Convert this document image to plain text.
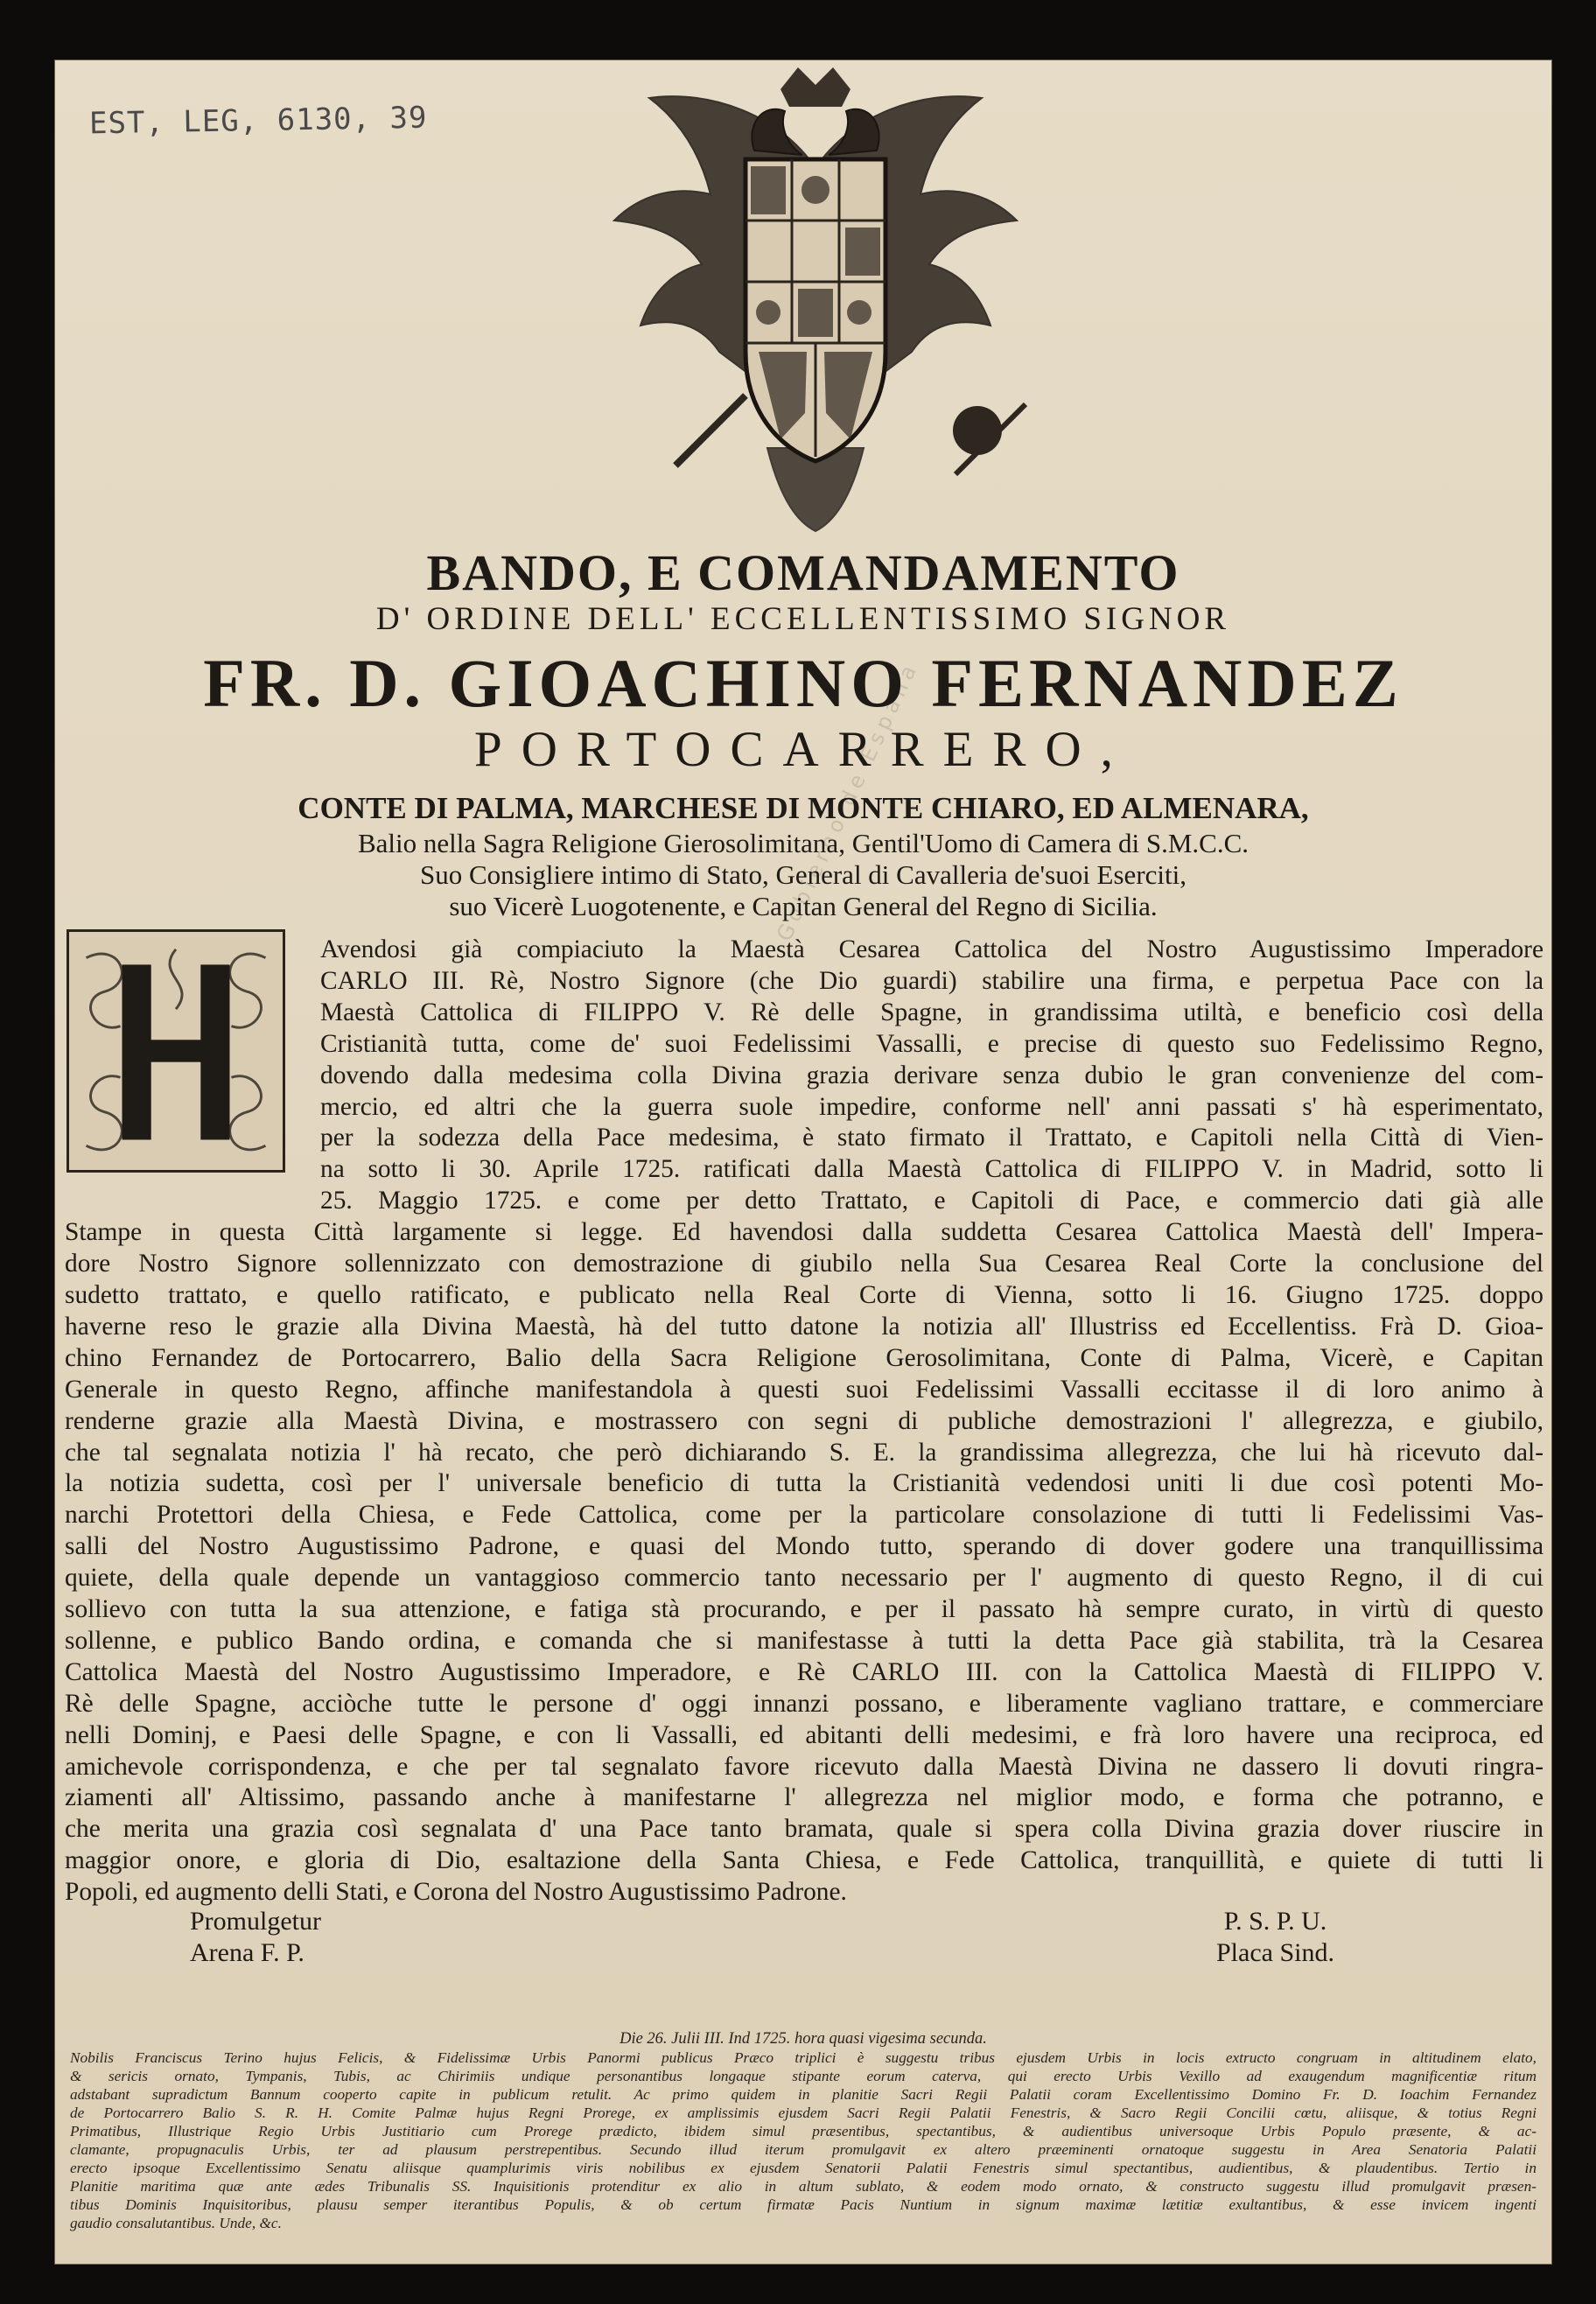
EST, LEG, 6130, 39
Gobierno de España
BANDO, E COMANDAMENTO
D' ORDINE DELL' ECCELLENTISSIMO SIGNOR
FR. D. GIOACHINO FERNANDEZ
PORTOCARRERO,
CONTE DI PALMA, MARCHESE DI MONTE CHIARO, ED ALMENARA,
Balio nella Sagra Religione Gierosolimitana, Gentil'Uomo di Camera di S.M.C.C.
Suo Consigliere intimo di Stato, General di Cavalleria de'suoi Eserciti,
suo Vicerè Luogotenente, e Capitan General del Regno di Sicilia.
H
Avendosi già compiaciuto la Maestà Cesarea Cattolica del Nostro Augustissimo Imperadore
CARLO III. Rè, Nostro Signore (che Dio guardi) stabilire una firma, e perpetua Pace con la
Maestà Cattolica di FILIPPO V. Rè delle Spagne, in grandissima utiltà, e beneficio così della
Cristianità tutta, come de' suoi Fedelissimi Vassalli, e precise di questo suo Fedelissimo Regno,
dovendo dalla medesima colla Divina grazia derivare senza dubio le gran convenienze del com-
mercio, ed altri che la guerra suole impedire, conforme nell' anni passati s' hà esperimentato,
per la sodezza della Pace medesima, è stato firmato il Trattato, e Capitoli nella Città di Vien-
na sotto li 30. Aprile 1725. ratificati dalla Maestà Cattolica di FILIPPO V. in Madrid, sotto li
25. Maggio 1725. e come per detto Trattato, e Capitoli di Pace, e commercio dati già alle
Stampe in questa Città largamente si legge. Ed havendosi dalla suddetta Cesarea Cattolica Maestà dell' Impera-
dore Nostro Signore sollennizzato con demostrazione di giubilo nella Sua Cesarea Real Corte la conclusione del
sudetto trattato, e quello ratificato, e publicato nella Real Corte di Vienna, sotto li 16. Giugno 1725. doppo
haverne reso le grazie alla Divina Maestà, hà del tutto datone la notizia all' Illustriss ed Eccellentiss. Frà D. Gioa-
chino Fernandez de Portocarrero, Balio della Sacra Religione Gerosolimitana, Conte di Palma, Vicerè, e Capitan
Generale in questo Regno, affinche manifestandola à questi suoi Fedelissimi Vassalli eccitasse il di loro animo à
renderne grazie alla Maestà Divina, e mostrassero con segni di publiche demostrazioni l' allegrezza, e giubilo,
che tal segnalata notizia l' hà recato, che però dichiarando S. E. la grandissima allegrezza, che lui hà ricevuto dal-
la notizia sudetta, così per l' universale beneficio di tutta la Cristianità vedendosi uniti li due così potenti Mo-
narchi Protettori della Chiesa, e Fede Cattolica, come per la particolare consolazione di tutti li Fedelissimi Vas-
salli del Nostro Augustissimo Padrone, e quasi del Mondo tutto, sperando di dover godere una tranquillissima
quiete, della quale depende un vantaggioso commercio tanto necessario per l' augmento di questo Regno, il di cui
sollievo con tutta la sua attenzione, e fatiga stà procurando, e per il passato hà sempre curato, in virtù di questo
sollenne, e publico Bando ordina, e comanda che si manifestasse à tutti la detta Pace già stabilita, trà la Cesarea
Cattolica Maestà del Nostro Augustissimo Imperadore, e Rè CARLO III. con la Cattolica Maestà di FILIPPO V.
Rè delle Spagne, acciòche tutte le persone d' oggi innanzi possano, e liberamente vagliano trattare, e commerciare
nelli Dominj, e Paesi delle Spagne, e con li Vassalli, ed abitanti delli medesimi, e frà loro havere una reciproca, ed
amichevole corrispondenza, e che per tal segnalato favore ricevuto dalla Maestà Divina ne dassero li dovuti ringra-
ziamenti all' Altissimo, passando anche à manifestarne l' allegrezza nel miglior modo, e forma che potranno, e
che merita una grazia così segnalata d' una Pace tanto bramata, quale si spera colla Divina grazia dover riuscire in
maggior onore, e gloria di Dio, esaltazione della Santa Chiesa, e Fede Cattolica, tranquillità, e quiete di tutti li
Popoli, ed augmento delli Stati, e Corona del Nostro Augustissimo Padrone.
Promulgetur
Arena F. P.
P. S. P. U.
Placa Sind.
Die 26. Julii III. Ind 1725. hora quasi vigesima secunda.
Nobilis Franciscus Terino hujus Felicis, & Fidelissimæ Urbis Panormi publicus Præco triplici è suggestu tribus ejusdem Urbis in locis extructo congruam in altitudinem elato,
& sericis ornato, Tympanis, Tubis, ac Chirimiis undique personantibus longaque stipante eorum caterva, qui erecto Urbis Vexillo ad exaugendum magnificentiæ ritum
adstabant supradictum Bannum cooperto capite in publicum retulit. Ac primo quidem in planitie Sacri Regii Palatii coram Excellentissimo Domino Fr. D. Ioachim Fernandez
de Portocarrero Balio S. R. H. Comite Palmæ hujus Regni Prorege, ex amplissimis ejusdem Sacri Regii Palatii Fenestris, & Sacro Regii Concilii cœtu, aliisque, & totius Regni
Primatibus, Illustrique Regio Urbis Justitiario cum Prorege prædicto, ibidem simul præsentibus, spectantibus, & audientibus universoque Urbis Populo præsente, & ac-
clamante, propugnaculis Urbis, ter ad plausum perstrepentibus. Secundo illud iterum promulgavit ex altero præeminenti ornatoque suggestu in Area Senatoria Palatii
erecto ipsoque Excellentissimo Senatu aliisque quamplurimis viris nobilibus ex ejusdem Senatorii Palatii Fenestris simul spectantibus, audientibus, & plaudentibus. Tertio in
Planitie maritima quæ ante ædes Tribunalis SS. Inquisitionis protenditur ex alio in altum sublato, & eodem modo ornato, & constructo suggestu illud promulgavit præsen-
tibus Dominis Inquisitoribus, plausu semper iterantibus Populis, & ob certum firmatæ Pacis Nuntium in signum maximæ lætitiæ exultantibus, & esse invicem ingenti
gaudio consalutantibus. Unde, &c.
